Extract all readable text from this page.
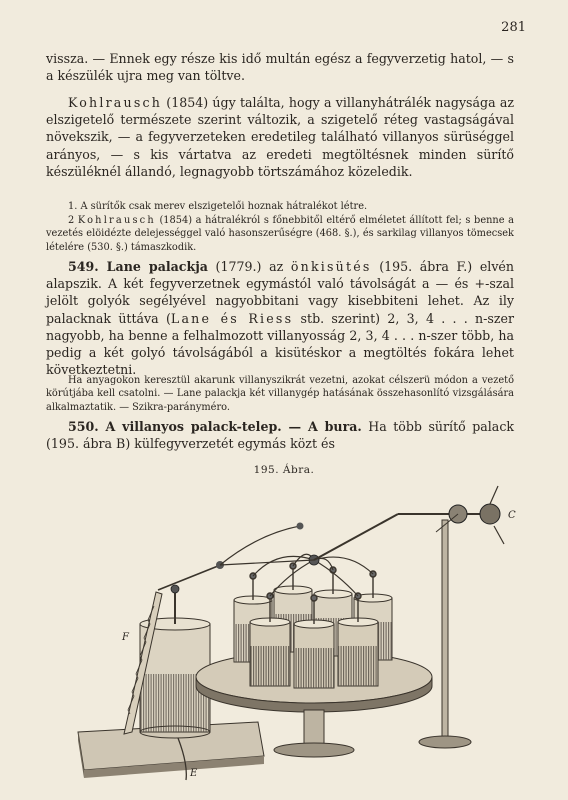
281

vissza. — Ennek egy része kis idő multán egész a fegyverzetig hatol, — s a készülék ujra meg van töltve.

Kohlrausch (1854) úgy találta, hogy a villanyhátrálék nagysága az elszigetelő természete szerint változik, a szigetelő réteg vastagságával növekszik, — a fegyverzeteken eredetileg található villanyos sürüséggel arányos, — s kis vártatva az eredeti megtöltésnek minden sürítő készüléknél állandó, legnagyobb törtszámához közeledik.

1. A sürítők csak merev elszigetelői hoznak hátralékot létre.

2 Kohlrausch (1854) a hátralékról s főnebbitől eltérő elméletet állított fel; s benne a vezetés elöidézte delejességgel való hasonszerűségre (468. §.), és sarkilag villanyos tömecsek lételére (530. §.) támaszkodik.

549. Lane palackja (1779.) az önkisütés (195. ábra F.) elvén alapszik. A két fegyverzetnek egymástól való távolságát a — és +-szal jelölt golyók segélyével nagyobbitani vagy kisebbiteni lehet. Az ily palacknak üttáva (Lane és Riess stb. szerint) 2, 3, 4 . . . n-szer nagyobb, ha benne a felhalmozott villanyosság 2, 3, 4 . . . n-szer több, ha pedig a két golyó távolságából a kisütéskor a megtöltés fokára lehet következtetni.

Ha anyagokon keresztül akarunk villanyszikrát vezetni, azokat célszerü módon a vezető körútjába kell csatolni. — Lane palackja két villanygép hatásának összehasonlító vizsgálására alkalmaztatik. — Szikra-parányméro.

550. A villanyos palack-telep. — A bura. Ha több sürítő palack (195. ábra B) külfegyverzetét egymás közt és

195. Ábra.
F
E
C
